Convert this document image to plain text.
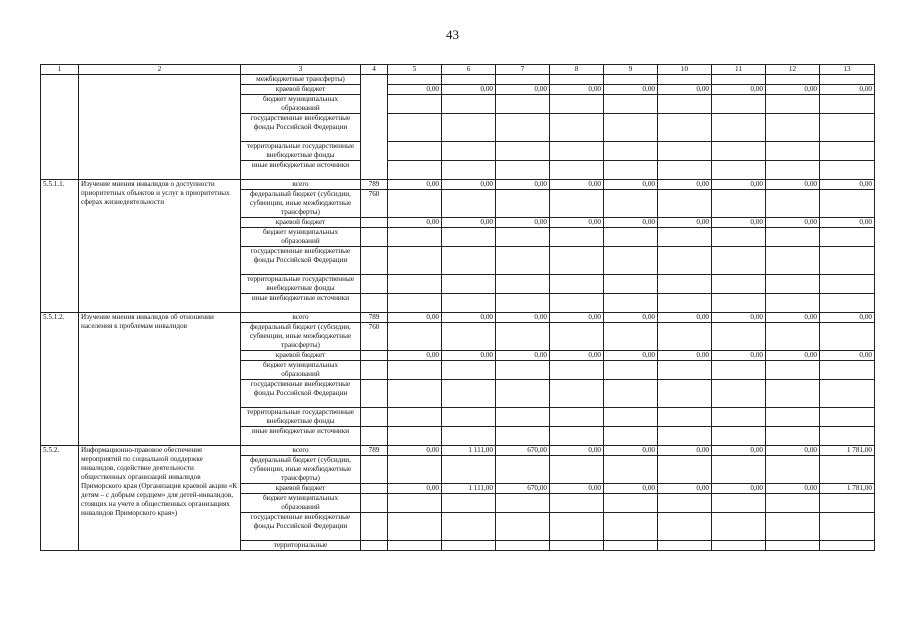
43
1	2	3	4	5	6	7	8	9	10	11	12	13
		межбюджетные трансферты)										
		краевой бюджет		0,00	0,00	0,00	0,00	0,00	0,00	0,00	0,00	0,00
		бюджет муниципальных образований										
		государственные внебюджетные фонды Российской Федерации										
		территориальные государственные внебюджетные фонды										
		иные внебюджетные источники										
5.5.1.1.	Изучение мнения инвалидов о доступности приоритетных объектов и услуг в приоритетных сферах жизнедеятельности	всего	789	0,00	0,00	0,00	0,00	0,00	0,00	0,00	0,00	0,00
		федеральный бюджет (субсидии, субвенции, иные межбюджетные трансферты)	760									
		краевой бюджет		0,00	0,00	0,00	0,00	0,00	0,00	0,00	0,00	0,00
		бюджет муниципальных образований										
		государственные внебюджетные фонды Российской Федерации										
		территориальные государственные внебюджетные фонды										
		иные внебюджетные источники										
5.5.1.2.	Изучение мнения инвалидов об отношении населения к проблемам инвалидов	всего	789	0,00	0,00	0,00	0,00	0,00	0,00	0,00	0,00	0,00
		федеральный бюджет (субсидии, субвенции, иные межбюджетные трансферты)	760									
		краевой бюджет		0,00	0,00	0,00	0,00	0,00	0,00	0,00	0,00	0,00
		бюджет муниципальных образований										
		государственные внебюджетные фонды Российской Федерации										
		территориальные государственные внебюджетные фонды										
		иные внебюджетные источники										
5.5.2.	Информационно-правовое обеспечение мероприятий по социальной поддержке инвалидов, содействие деятельности общественных организаций инвалидов Приморского края (Организация краевой акции «К детям – с добрым сердцем» для детей-инвалидов, стоящих на учете в общественных организациях инвалидов Приморского края»)	всего	789	0,00	1 111,00	670,00	0,00	0,00	0,00	0,00	0,00	1 781,00
		федеральный бюджет (субсидии, субвенции, иные межбюджетные трансферты)										
		краевой бюджет		0,00	1 111,00	670,00	0,00	0,00	0,00	0,00	0,00	1 781,00
		бюджет муниципальных образований										
		государственные внебюджетные фонды Российской Федерации										
		территориальные										
